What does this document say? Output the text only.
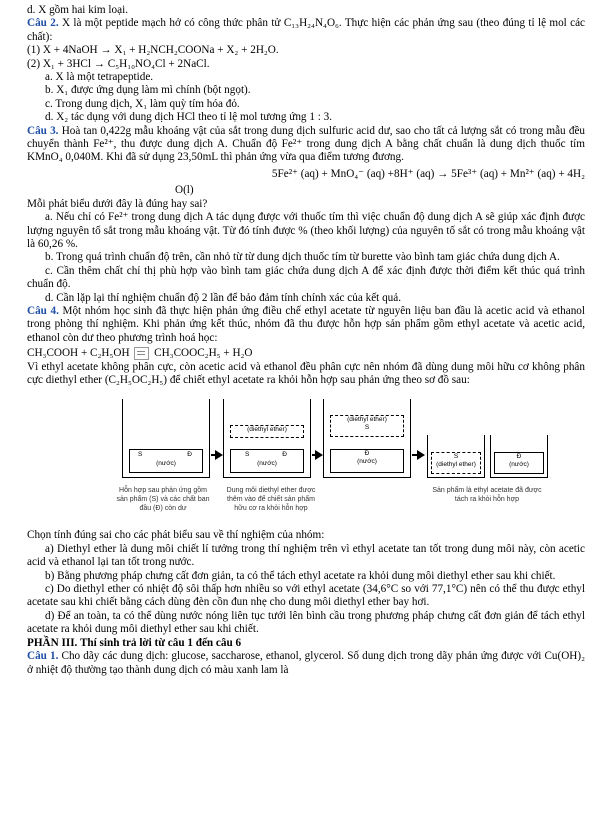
d. X gồm hai kim loại.

Câu 2. X là một peptide mạch hở có công thức phân tử C₁₃H₂₄N₄O₆. Thực hiện các phản ứng sau (theo đúng tỉ lệ mol các chất):

(1) X + 4NaOH → X₁ + H₂NCH₂COONa + X₂ + 2H₂O.

(2) X₁ + 3HCl → C₅H₁₀NO₄Cl + 2NaCl.

a. X là một tetrapeptide.

b. X₁ được ứng dụng làm mì chính (bột ngọt).

c. Trong dung dịch, X₁ làm quỳ tím hóa đỏ.

d. X₂ tác dụng với dung dịch HCl theo tỉ lệ mol tương ứng 1 : 3.

Câu 3. Hoà tan 0,422g mẫu khoáng vật của sắt trong dung dịch sulfuric acid dư, sao cho tất cả lượng sắt có trong mẫu đều chuyển thành Fe²⁺, thu được dung dịch A. Chuẩn độ Fe²⁺ trong dung dịch A bằng chất chuẩn là dung dịch thuốc tím KMnO₄ 0,040M. Khi đã sử dụng 23,50mL thì phản ứng vừa qua điểm tương đương.

5Fe²⁺ (aq) + MnO₄⁻ (aq) +8H⁺ (aq) → 5Fe³⁺ (aq) + Mn²⁺ (aq) + 4H₂

O(l)

Mỗi phát biểu dưới đây là đúng hay sai?

a. Nếu chỉ có Fe²⁺ trong dung dịch A tác dụng được với thuốc tím thì việc chuẩn độ dung dịch A sẽ giúp xác định được lượng nguyên tố sắt trong mẫu khoáng vật. Từ đó tính được % (theo khối lượng) của nguyên tố sắt có trong mẫu khoáng vật là 60,26 %.

b. Trong quá trình chuẩn độ trên, cần nhỏ từ từ dung dịch thuốc tím từ burette vào bình tam giác chứa dung dịch A.

c. Cần thêm chất chỉ thị phù hợp vào bình tam giác chứa dung dịch A để xác định được thời điểm kết thúc quá trình chuẩn độ.

d. Cần lặp lại thí nghiệm chuẩn độ 2 lần để bảo đảm tính chính xác của kết quả.

Câu 4. Một nhóm học sinh đã thực hiện phản ứng điều chế ethyl acetate từ nguyên liệu ban đầu là acetic acid và ethanol trong phòng thí nghiệm. Khi phản ứng kết thúc, nhóm đã thu được hỗn hợp sản phẩm gồm ethyl acetate và acetic acid, ethanol còn dư theo phương trình hoá học:

CH₃COOH + C₂H₅OH CH₃COOC₂H₅ + H₂O

Vì ethyl acetate không phân cực, còn acetic acid và ethanol đều phân cực nên nhóm đã dùng dung môi hữu cơ không phân cực diethyl ether (C₂H₅OC₂H₅) để chiết ethyl acetate ra khỏi hỗn hợp sau phản ứng theo sơ đồ sau:

S	Đ
(nước)
(diethyl ether)
S	Đ
(nước)
(diethyl ether)
S
Đ
(nước)
S
(diethyl ether)
Đ
(nước)
Hỗn hợp sau phản ứng gồm sản phẩm (S) và các chất ban đầu (Đ) còn dư
Dung môi diethyl ether được thêm vào để chiết sản phẩm hữu cơ ra khỏi hỗn hợp
Sản phẩm là ethyl acetate đã được tách ra khỏi hỗn hợp

Chọn tính đúng sai cho các phát biểu sau về thí nghiệm của nhóm:

a) Diethyl ether là dung môi chiết lí tưởng trong thí nghiệm trên vì ethyl acetate tan tốt trong dung môi này, còn acetic acid và ethanol lại tan tốt trong nước.

b) Bằng phương pháp chưng cất đơn giản, ta có thể tách ethyl acetate ra khỏi dung môi diethyl ether sau khi chiết.

c) Do diethyl ether có nhiệt độ sôi thấp hơn nhiều so với ethyl acetate (34,6°C so với 77,1°C) nên có thể thu được ethyl acetate sau khi chiết bằng cách dùng đèn cồn đun nhẹ cho dung môi diethyl ether bay hơi.

d) Để an toàn, ta có thể dùng nước nóng liên tục tưới lên bình cầu trong phương pháp chưng cất đơn giản để tách ethyl acetate ra khỏi dung môi diethyl ether sau khi chiết.

PHẦN III. Thí sinh trả lời từ câu 1 đến câu 6

Câu 1. Cho dãy các dung dịch: glucose, saccharose, ethanol, glycerol. Số dung dịch trong dãy phản ứng được với Cu(OH)₂ ở nhiệt độ thường tạo thành dung dịch có màu xanh lam là
